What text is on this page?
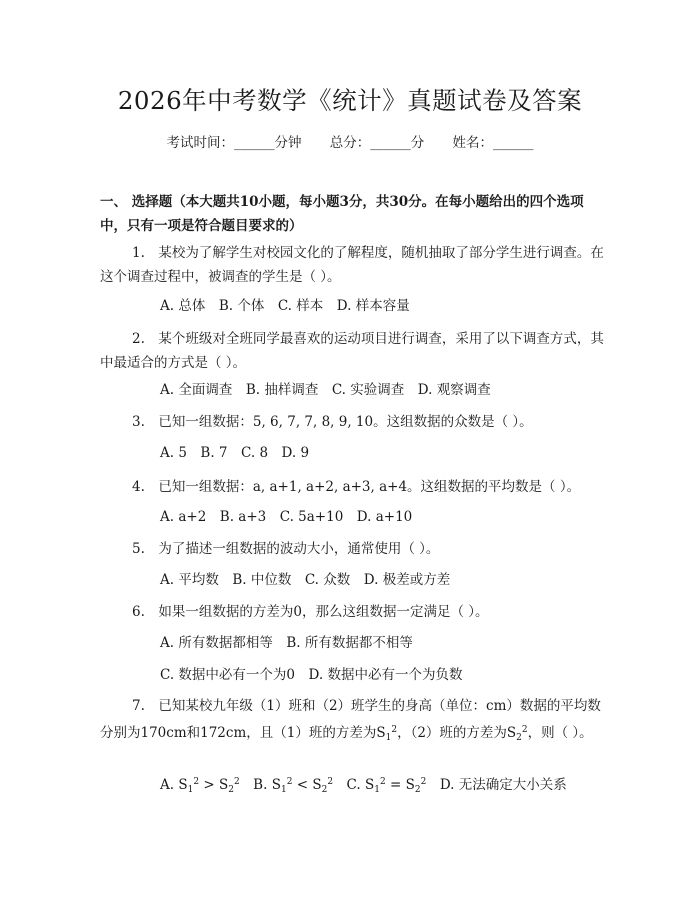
2026年中考数学《统计》真题试卷及答案
考试时间：______分钟 总分：______分 姓名：______
一、 选择题（本大题共10小题，每小题3分，共30分。在每小题给出的四个选项中，只有一项是符合题目要求的）
1.　某校为了解学生对校园文化的了解程度，随机抽取了部分学生进行调查。在这个调查过程中，被调查的学生是（ ）。
A. 总体　B. 个体　C. 样本　D. 样本容量
2.　某个班级对全班同学最喜欢的运动项目进行调查，采用了以下调查方式，其中最适合的方式是（ ）。
A. 全面调查　B. 抽样调查　C. 实验调查　D. 观察调查
3.　已知一组数据：5, 6, 7, 7, 8, 9, 10。这组数据的众数是（ ）。
A. 5　B. 7　C. 8　D. 9
4.　已知一组数据：a, a+1, a+2, a+3, a+4。这组数据的平均数是（ ）。
A. a+2　B. a+3　C. 5a+10　D. a+10
5.　为了描述一组数据的波动大小，通常使用（ ）。
A. 平均数　B. 中位数　C. 众数　D. 极差或方差
6.　如果一组数据的方差为0，那么这组数据一定满足（ ）。
A. 所有数据都相等　B. 所有数据都不相等
C. 数据中必有一个为0　D. 数据中必有一个为负数
7.　已知某校九年级（1）班和（2）班学生的身高（单位：cm）数据的平均数分别为170cm和172cm，且（1）班的方差为$S_1^2$，（2）班的方差为$S_2^2$，则（ ）。
A. $S_1^2 > S_2^2$　B. $S_1^2 < S_2^2$　C. $S_1^2 = S_2^2$　D. 无法确定大小关系
